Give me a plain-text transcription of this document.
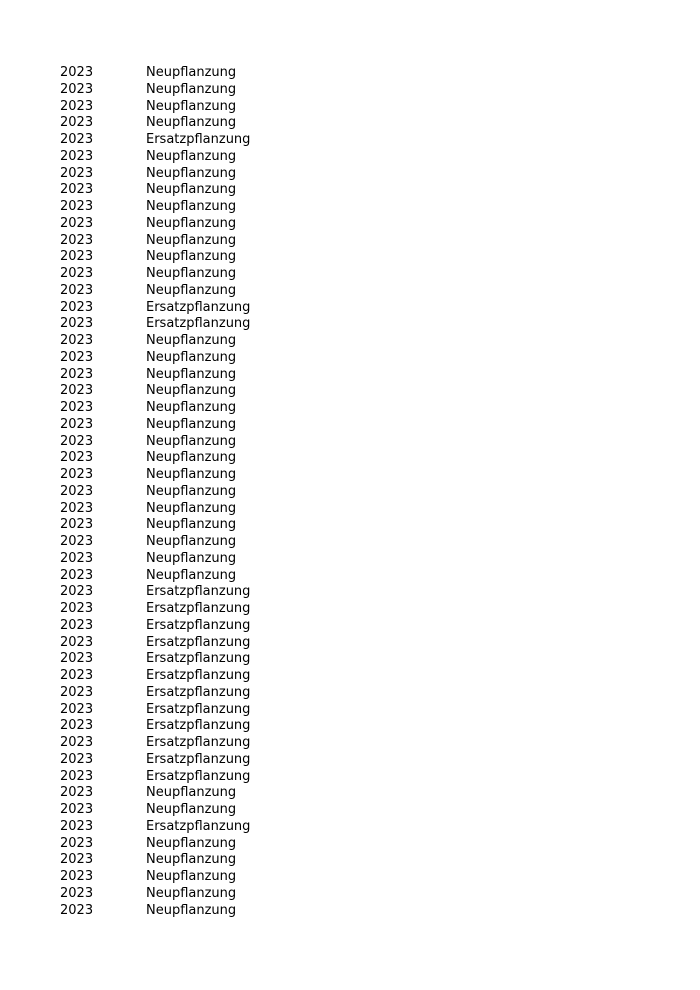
2023	Neupflanzung
2023	Neupflanzung
2023	Neupflanzung
2023	Neupflanzung
2023	Ersatzpflanzung
2023	Neupflanzung
2023	Neupflanzung
2023	Neupflanzung
2023	Neupflanzung
2023	Neupflanzung
2023	Neupflanzung
2023	Neupflanzung
2023	Neupflanzung
2023	Neupflanzung
2023	Ersatzpflanzung
2023	Ersatzpflanzung
2023	Neupflanzung
2023	Neupflanzung
2023	Neupflanzung
2023	Neupflanzung
2023	Neupflanzung
2023	Neupflanzung
2023	Neupflanzung
2023	Neupflanzung
2023	Neupflanzung
2023	Neupflanzung
2023	Neupflanzung
2023	Neupflanzung
2023	Neupflanzung
2023	Neupflanzung
2023	Neupflanzung
2023	Ersatzpflanzung
2023	Ersatzpflanzung
2023	Ersatzpflanzung
2023	Ersatzpflanzung
2023	Ersatzpflanzung
2023	Ersatzpflanzung
2023	Ersatzpflanzung
2023	Ersatzpflanzung
2023	Ersatzpflanzung
2023	Ersatzpflanzung
2023	Ersatzpflanzung
2023	Ersatzpflanzung
2023	Neupflanzung
2023	Neupflanzung
2023	Ersatzpflanzung
2023	Neupflanzung
2023	Neupflanzung
2023	Neupflanzung
2023	Neupflanzung
2023	Neupflanzung
